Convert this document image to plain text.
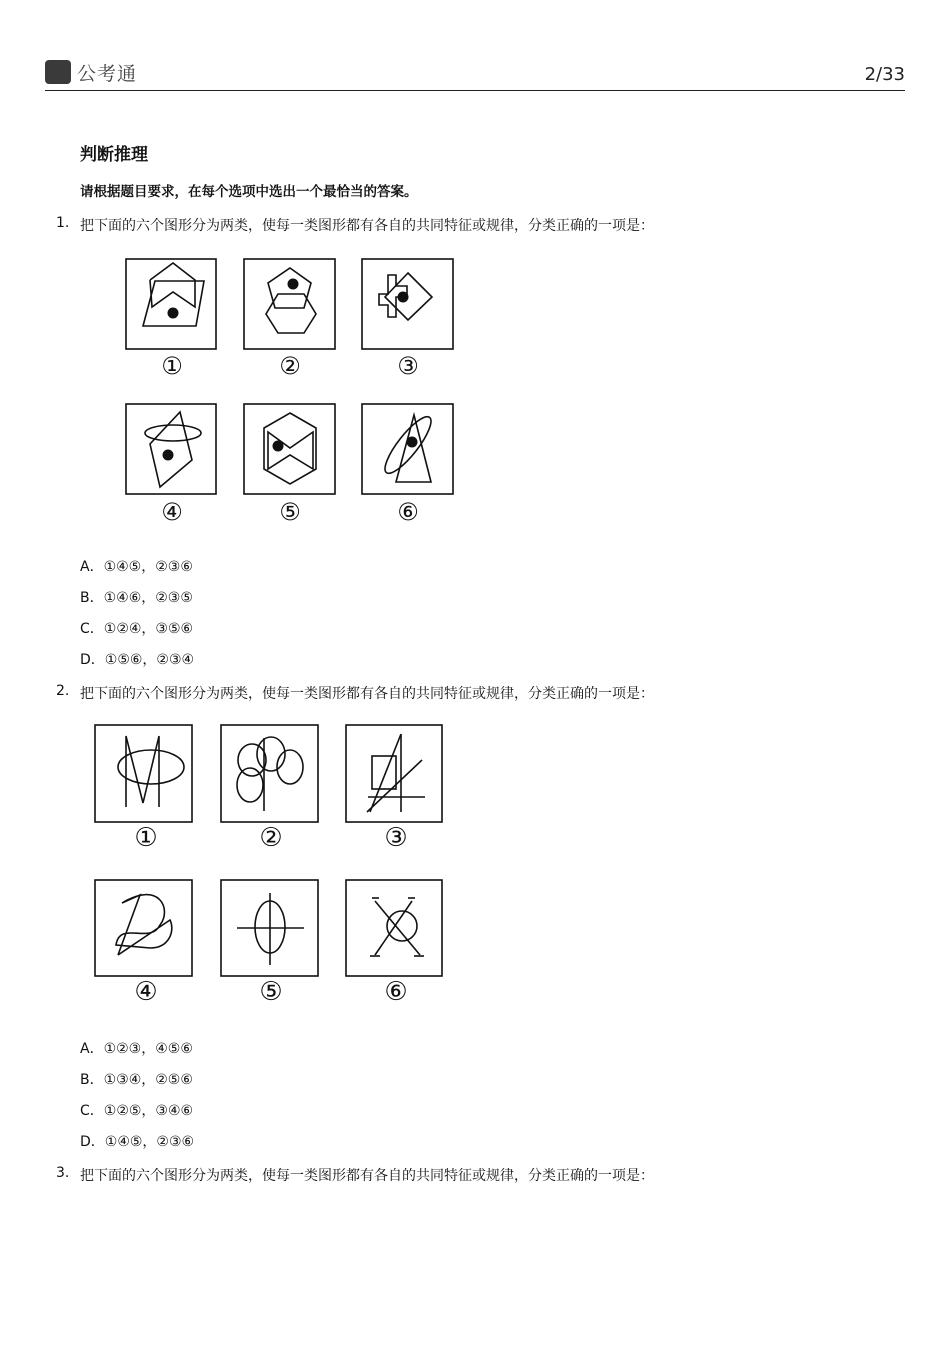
公考通	2/33
判断推理
请根据题目要求，在每个选项中选出一个最恰当的答案。
1. 把下面的六个图形分为两类，使每一类图形都有各自的共同特征或规律，分类正确的一项是：
①	②	③
④	⑤	⑥
A．①④⑤，②③⑥
B．①④⑥，②③⑤
C．①②④，③⑤⑥
D．①⑤⑥，②③④
2. 把下面的六个图形分为两类，使每一类图形都有各自的共同特征或规律，分类正确的一项是：
①	②	③
④	⑤	⑥
A．①②③，④⑤⑥
B．①③④，②⑤⑥
C．①②⑤，③④⑥
D．①④⑤，②③⑥
3. 把下面的六个图形分为两类，使每一类图形都有各自的共同特征或规律，分类正确的一项是：
